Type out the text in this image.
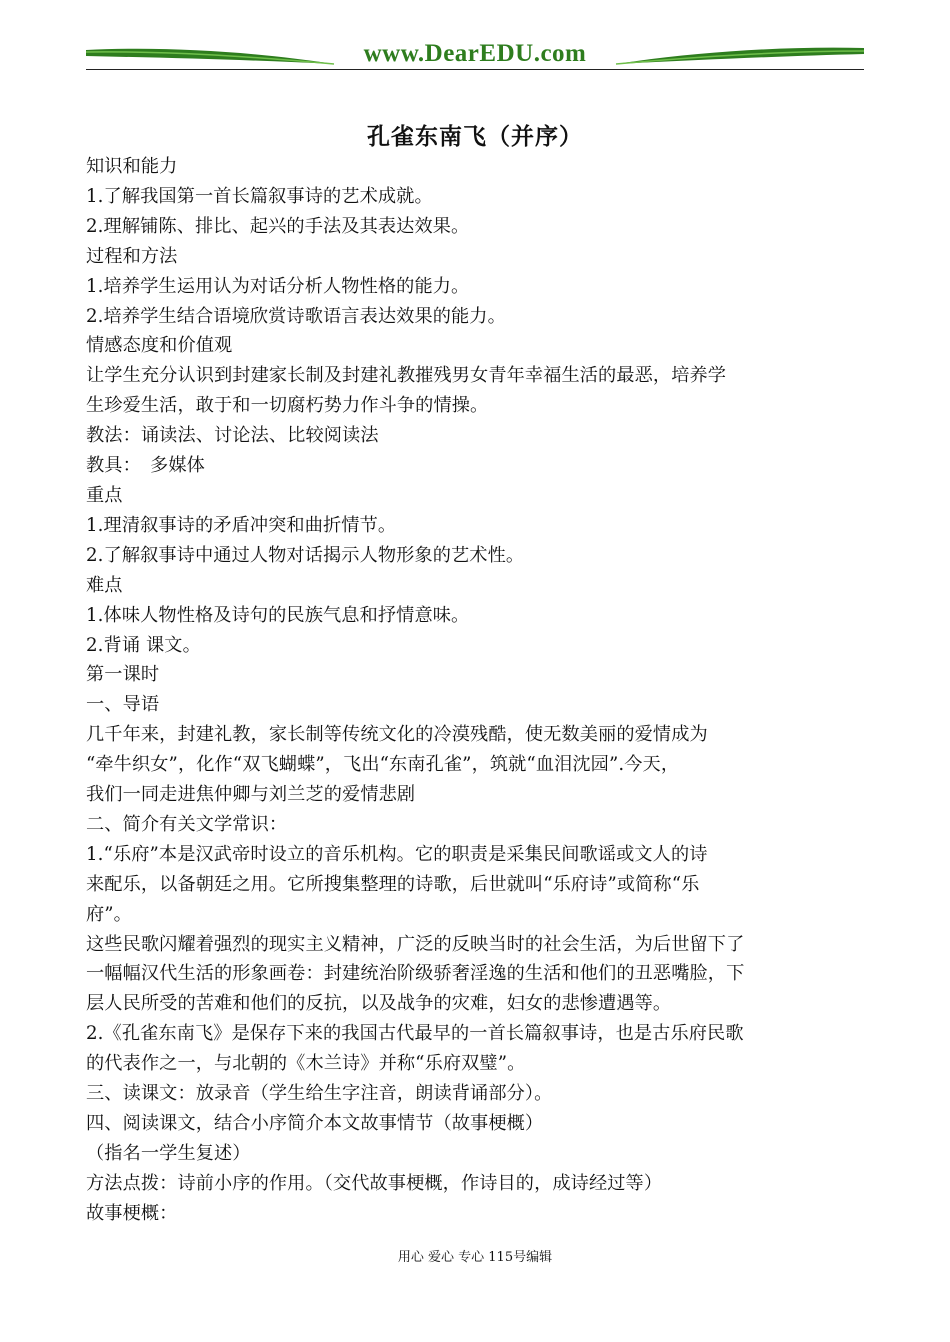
www.DearEDU.com
孔雀东南飞（并序）

知识和能力

1.了解我国第一首长篇叙事诗的艺术成就。

2.理解铺陈、排比、起兴的手法及其表达效果。

过程和方法

1.培养学生运用认为对话分析人物性格的能力。

2.培养学生结合语境欣赏诗歌语言表达效果的能力。

情感态度和价值观

让学生充分认识到封建家长制及封建礼教摧残男女青年幸福生活的最恶，培养学

生珍爱生活，敢于和一切腐朽势力作斗争的情操。

教法：诵读法、讨论法、比较阅读法

教具：　多媒体

重点

1.理清叙事诗的矛盾冲突和曲折情节。

2.了解叙事诗中通过人物对话揭示人物形象的艺术性。

难点

1.体味人物性格及诗句的民族气息和抒情意味。

2.背诵 课文。

第一课时

一、导语

几千年来，封建礼教，家长制等传统文化的冷漠残酷，使无数美丽的爱情成为

“牵牛织女”，化作“双飞蝴蝶”，飞出“东南孔雀”，筑就“血泪沈园”.今天，

我们一同走进焦仲卿与刘兰芝的爱情悲剧

二、简介有关文学常识：

1.“乐府”本是汉武帝时设立的音乐机构。它的职责是采集民间歌谣或文人的诗

来配乐，以备朝廷之用。它所搜集整理的诗歌，后世就叫“乐府诗”或简称“乐

府”。

这些民歌闪耀着强烈的现实主义精神，广泛的反映当时的社会生活，为后世留下了

一幅幅汉代生活的形象画卷：封建统治阶级骄奢淫逸的生活和他们的丑恶嘴脸，下

层人民所受的苦难和他们的反抗，以及战争的灾难，妇女的悲惨遭遇等。

2.《孔雀东南飞》是保存下来的我国古代最早的一首长篇叙事诗，也是古乐府民歌

的代表作之一，与北朝的《木兰诗》并称“乐府双璧”。

三、读课文：放录音（学生给生字注音，朗读背诵部分）。

四、阅读课文，结合小序简介本文故事情节（故事梗概）

（指名一学生复述）

方法点拨：诗前小序的作用。（交代故事梗概，作诗目的，成诗经过等）

故事梗概：

用心 爱心 专心 115号编辑
